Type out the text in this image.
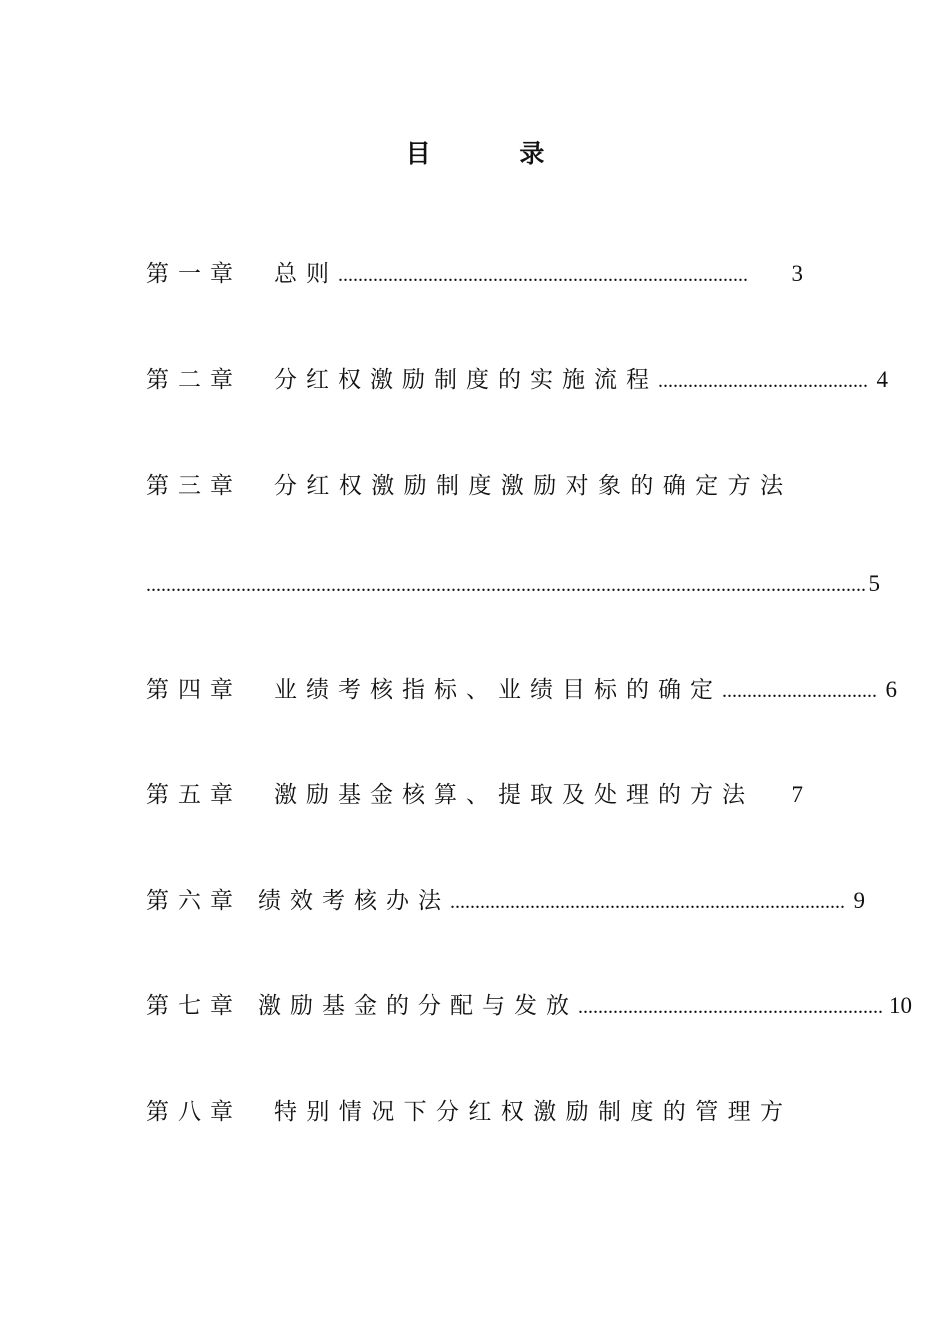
目 录
第一章 总则 ..................................................................................	3
第二章 分红权激励制度的实施流程 .......................................... 4
第三章 分红权激励制度激励对象的确定方法
................................................................................................................................................ 5
第四章 业绩考核指标、业绩目标的确定 ............................... 6
第五章 激励基金核算、提取及处理的方法 7
第六章 绩效考核办法 ............................................................................... 9
第七章 激励基金的分配与发放 ............................................................. 10
第八章 特别情况下分红权激励制度的管理方
